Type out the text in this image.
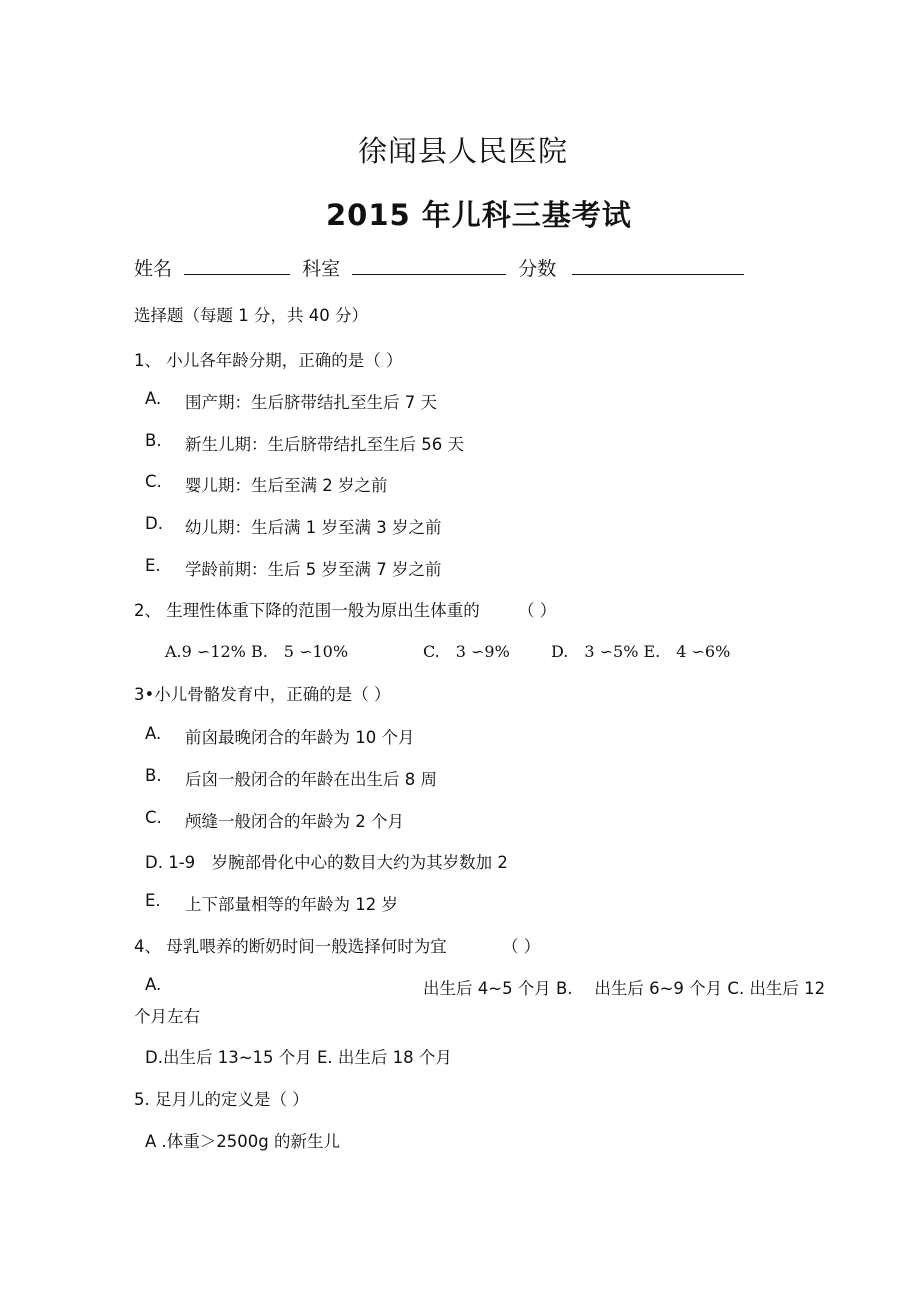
徐闻县人民医院
2015 年儿科三基考试
姓名	科室	分数
选择题（每题 1 分，共 40 分）
1、 小儿各年龄分期，正确的是（ ）
A. 围产期：生后脐带结扎至生后 7 天
B. 新生儿期：生后脐带结扎至生后 56 天
C. 婴儿期：生后至满 2 岁之前
D. 幼儿期：生后满 1 岁至满 3 岁之前
E. 学龄前期：生后 5 岁至满 7 岁之前
2、 生理性体重下降的范围一般为原出生体重的 （ ）
A.9 ∽12% B.　5 ∽10%	C.　3 ∽9%	D.　3 ∽5% E.　4 ∽6%
3•小儿骨骼发育中，正确的是（ ）
A. 前囟最晚闭合的年龄为 10 个月
B. 后囟一般闭合的年龄在出生后 8 周
C. 颅缝一般闭合的年龄为 2 个月
D. 1-9　岁腕部骨化中心的数目大约为其岁数加 2
E. 上下部量相等的年龄为 12 岁
4、 母乳喂养的断奶时间一般选择何时为宜	（ ）
A.	出生后 4~5 个月 B.　 出生后 6~9 个月 C. 出生后 12
个月左右
D.出生后 13~15 个月 E. 出生后 18 个月
5. 足月儿的定义是（ ）
A .体重＞2500g 的新生儿
